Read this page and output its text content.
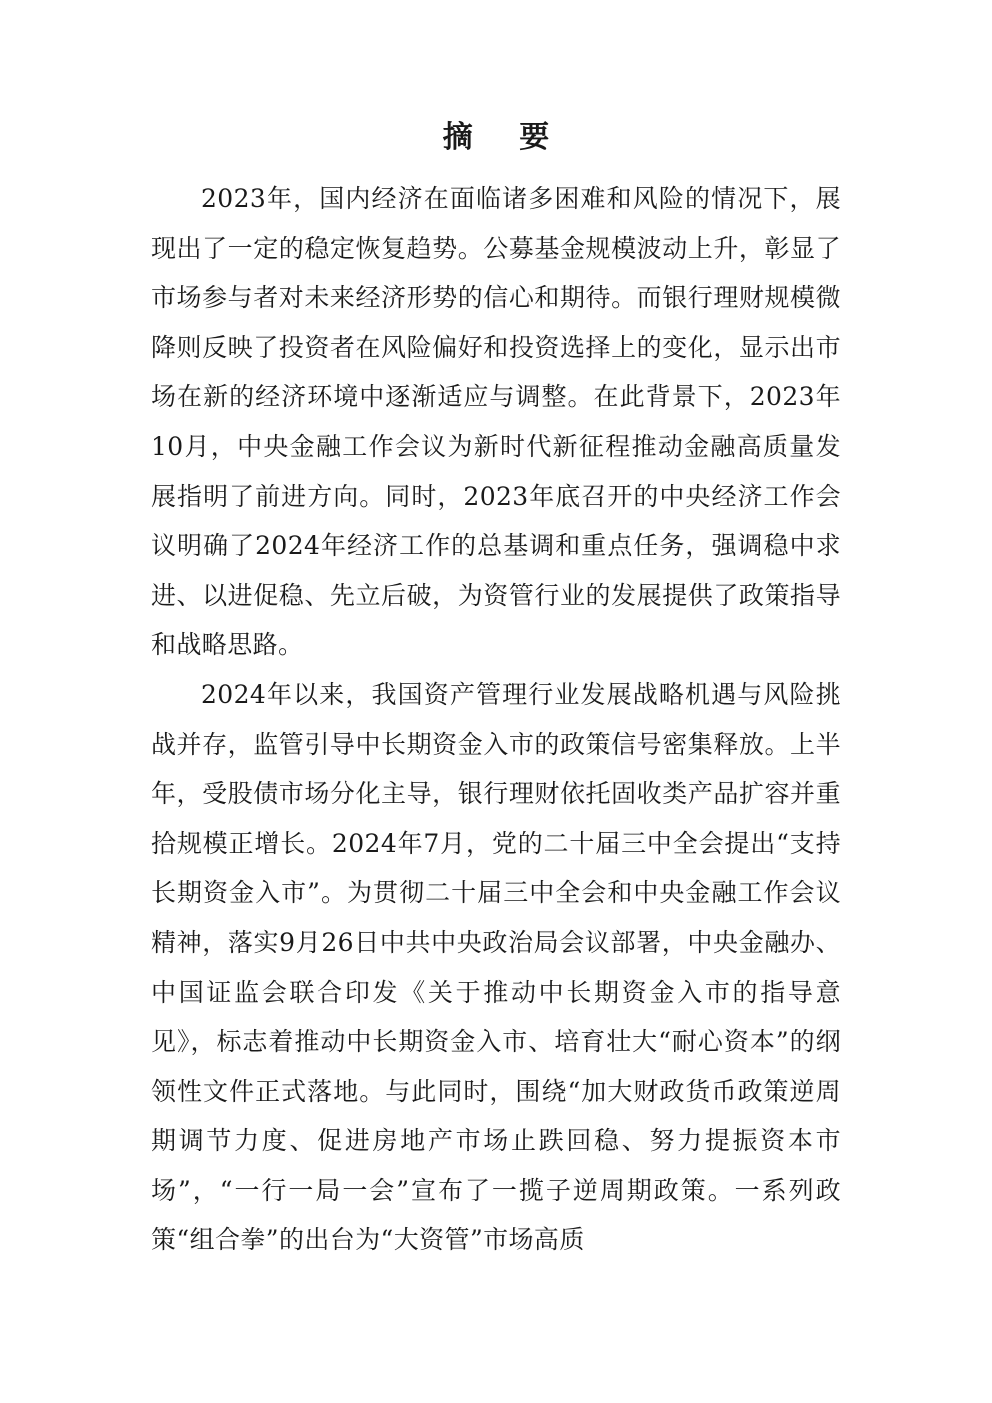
摘 要

2023年，国内经济在面临诸多困难和风险的情况下，展现出了一定的稳定恢复趋势。公募基金规模波动上升，彰显了市场参与者对未来经济形势的信心和期待。而银行理财规模微降则反映了投资者在风险偏好和投资选择上的变化，显示出市场在新的经济环境中逐渐适应与调整。在此背景下，2023年10月，中央金融工作会议为新时代新征程推动金融高质量发展指明了前进方向。同时，2023年底召开的中央经济工作会议明确了2024年经济工作的总基调和重点任务，强调稳中求进、以进促稳、先立后破，为资管行业的发展提供了政策指导和战略思路。

2024年以来，我国资产管理行业发展战略机遇与风险挑战并存，监管引导中长期资金入市的政策信号密集释放。上半年，受股债市场分化主导，银行理财依托固收类产品扩容并重拾规模正增长。2024年7月，党的二十届三中全会提出“支持长期资金入市”。为贯彻二十届三中全会和中央金融工作会议精神，落实9月26日中共中央政治局会议部署，中央金融办、中国证监会联合印发《关于推动中长期资金入市的指导意见》，标志着推动中长期资金入市、培育壮大“耐心资本”的纲领性文件正式落地。与此同时，围绕“加大财政货币政策逆周期调节力度、促进房地产市场止跌回稳、努力提振资本市场”，“一行一局一会”宣布了一揽子逆周期政策。一系列政策“组合拳”的出台为“大资管”市场高质
